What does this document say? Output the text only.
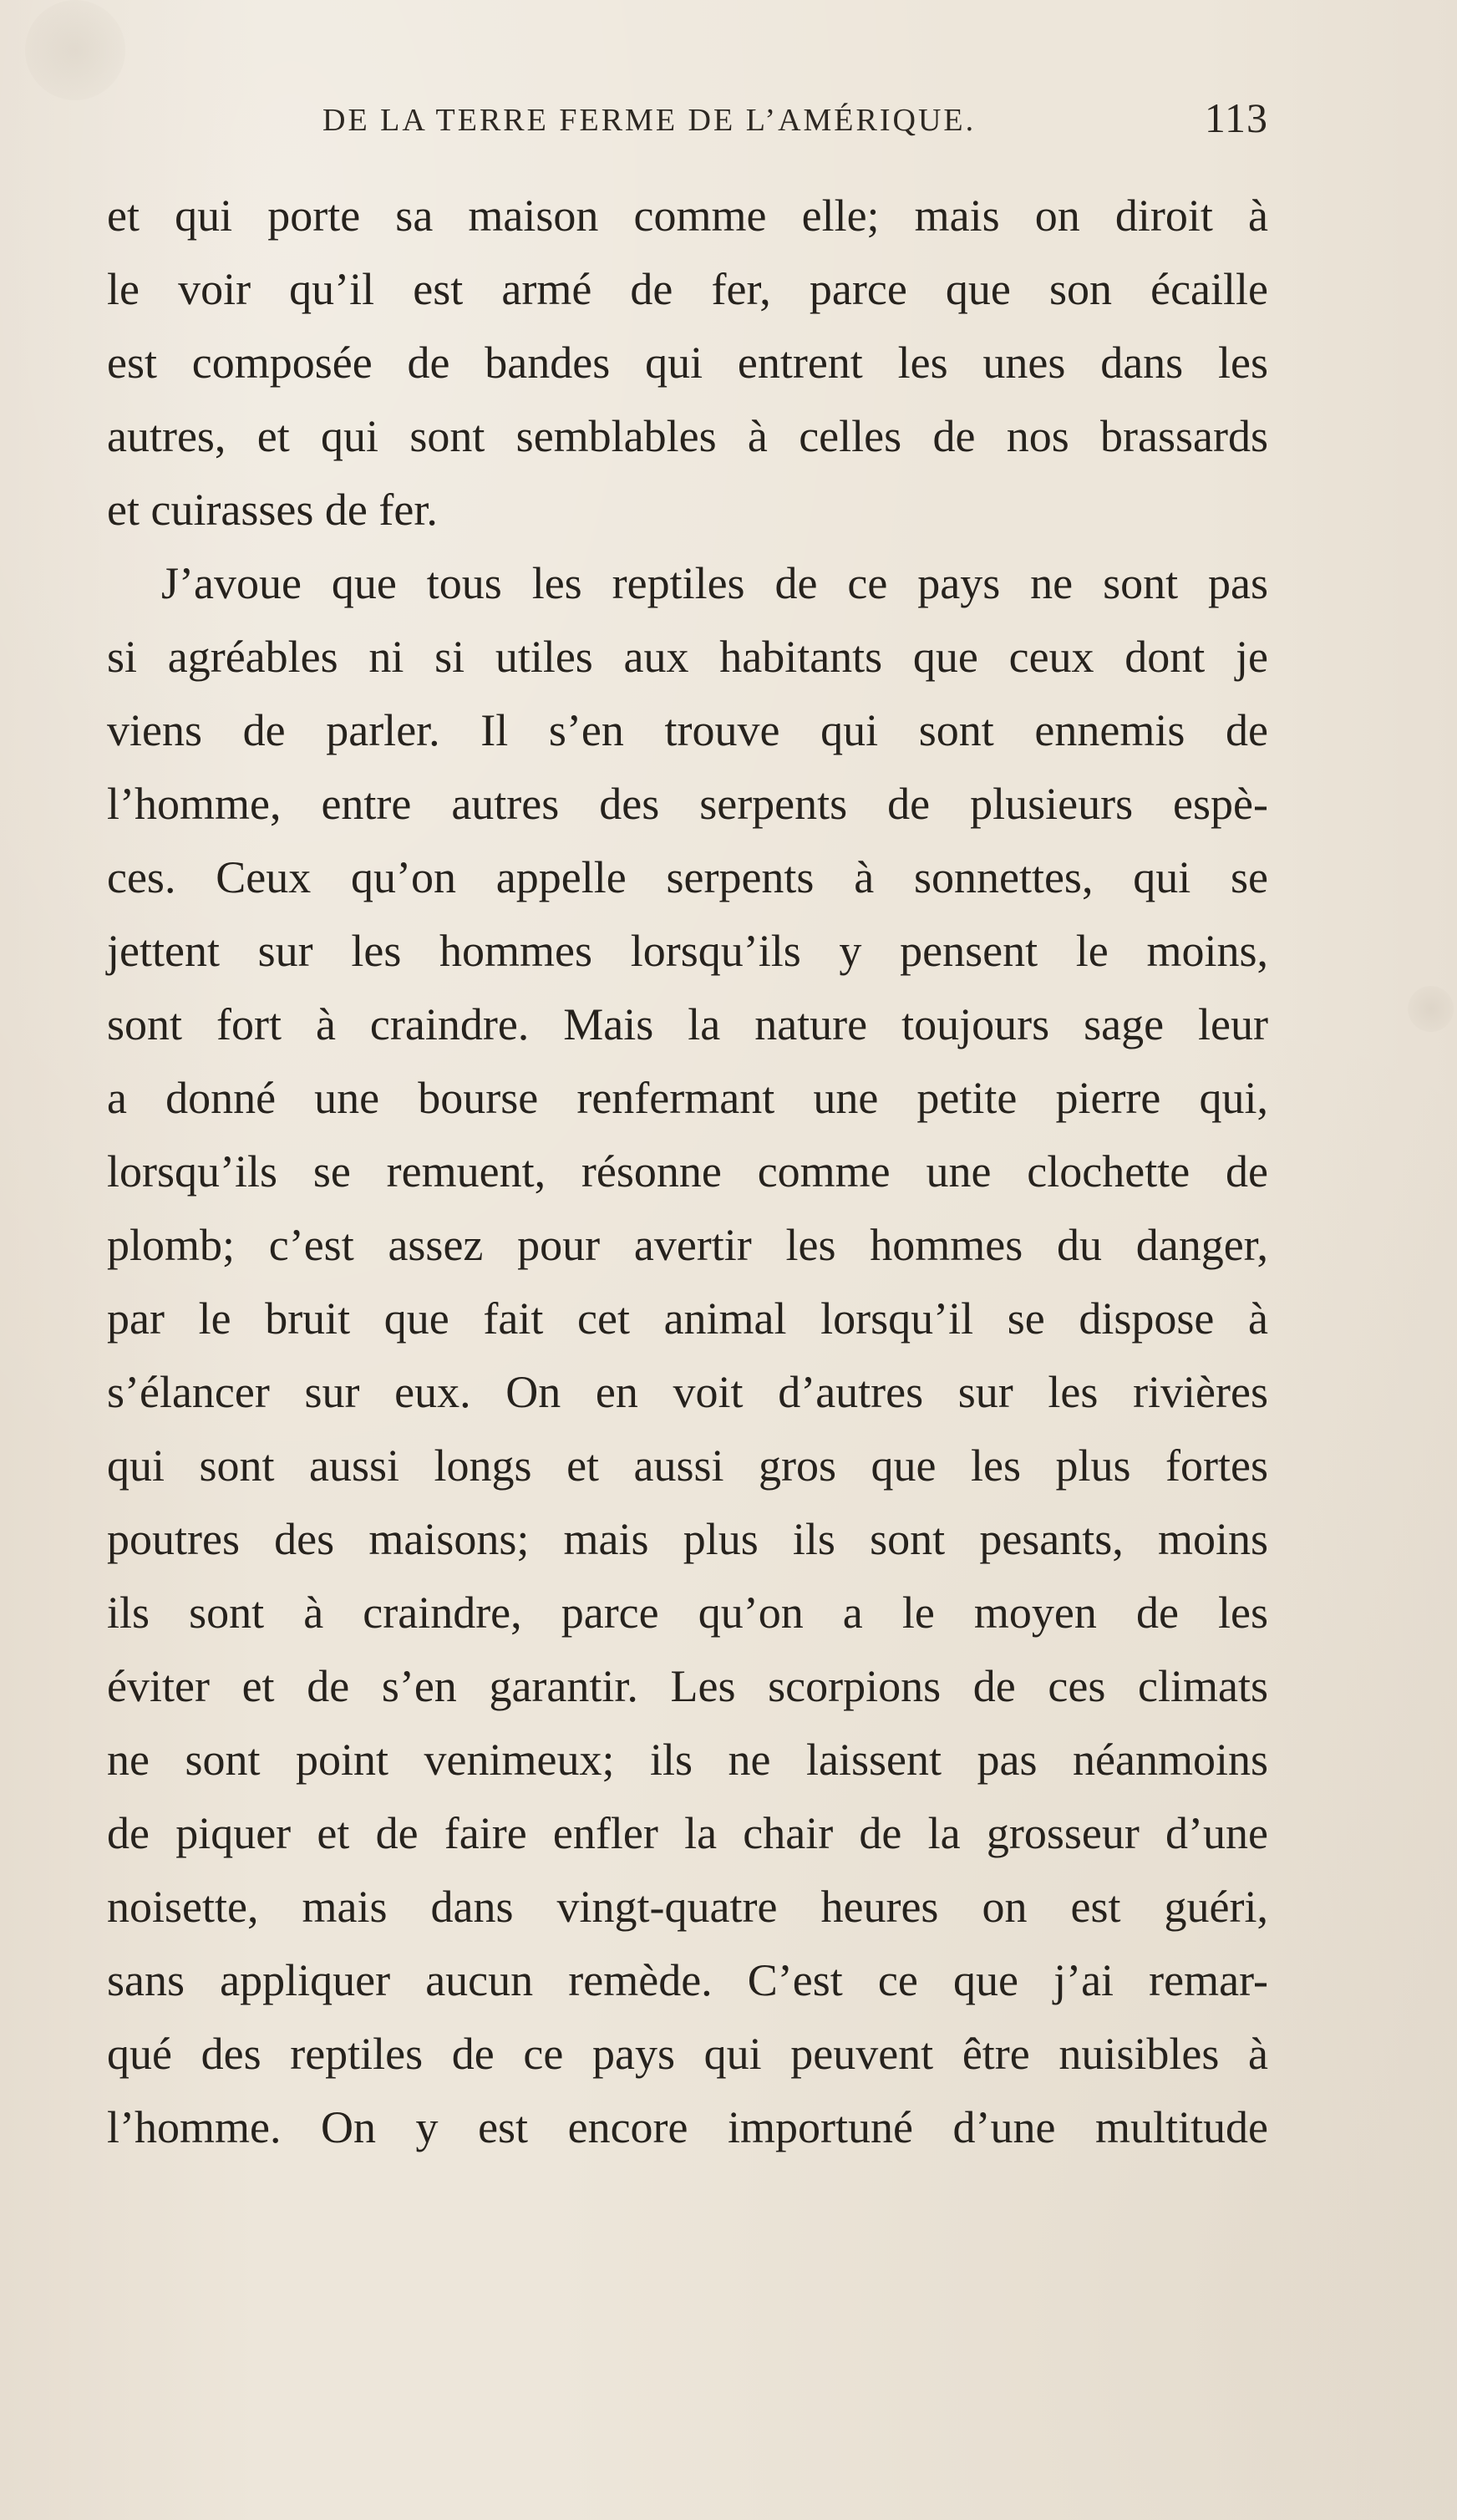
DE LA TERRE FERME DE L’AMÉRIQUE.	113

et qui porte sa maison comme elle; mais on diroit à
le voir qu’il est armé de fer, parce que son écaille
est composée de bandes qui entrent les unes dans les
autres, et qui sont semblables à celles de nos brassards
et cuirasses de fer.

J’avoue que tous les reptiles de ce pays ne sont pas
si agréables ni si utiles aux habitants que ceux dont je
viens de parler. Il s’en trouve qui sont ennemis de
l’homme, entre autres des serpents de plusieurs espè-
ces. Ceux qu’on appelle serpents à sonnettes, qui se
jettent sur les hommes lorsqu’ils y pensent le moins,
sont fort à craindre. Mais la nature toujours sage leur
a donné une bourse renfermant une petite pierre qui,
lorsqu’ils se remuent, résonne comme une clochette de
plomb; c’est assez pour avertir les hommes du danger,
par le bruit que fait cet animal lorsqu’il se dispose à
s’élancer sur eux. On en voit d’autres sur les rivières
qui sont aussi longs et aussi gros que les plus fortes
poutres des maisons; mais plus ils sont pesants, moins
ils sont à craindre, parce qu’on a le moyen de les
éviter et de s’en garantir. Les scorpions de ces climats
ne sont point venimeux; ils ne laissent pas néanmoins
de piquer et de faire enfler la chair de la grosseur d’une
noisette, mais dans vingt-quatre heures on est guéri,
sans appliquer aucun remède. C’est ce que j’ai remar-
qué des reptiles de ce pays qui peuvent être nuisibles à
l’homme. On y est encore importuné d’une multitude
